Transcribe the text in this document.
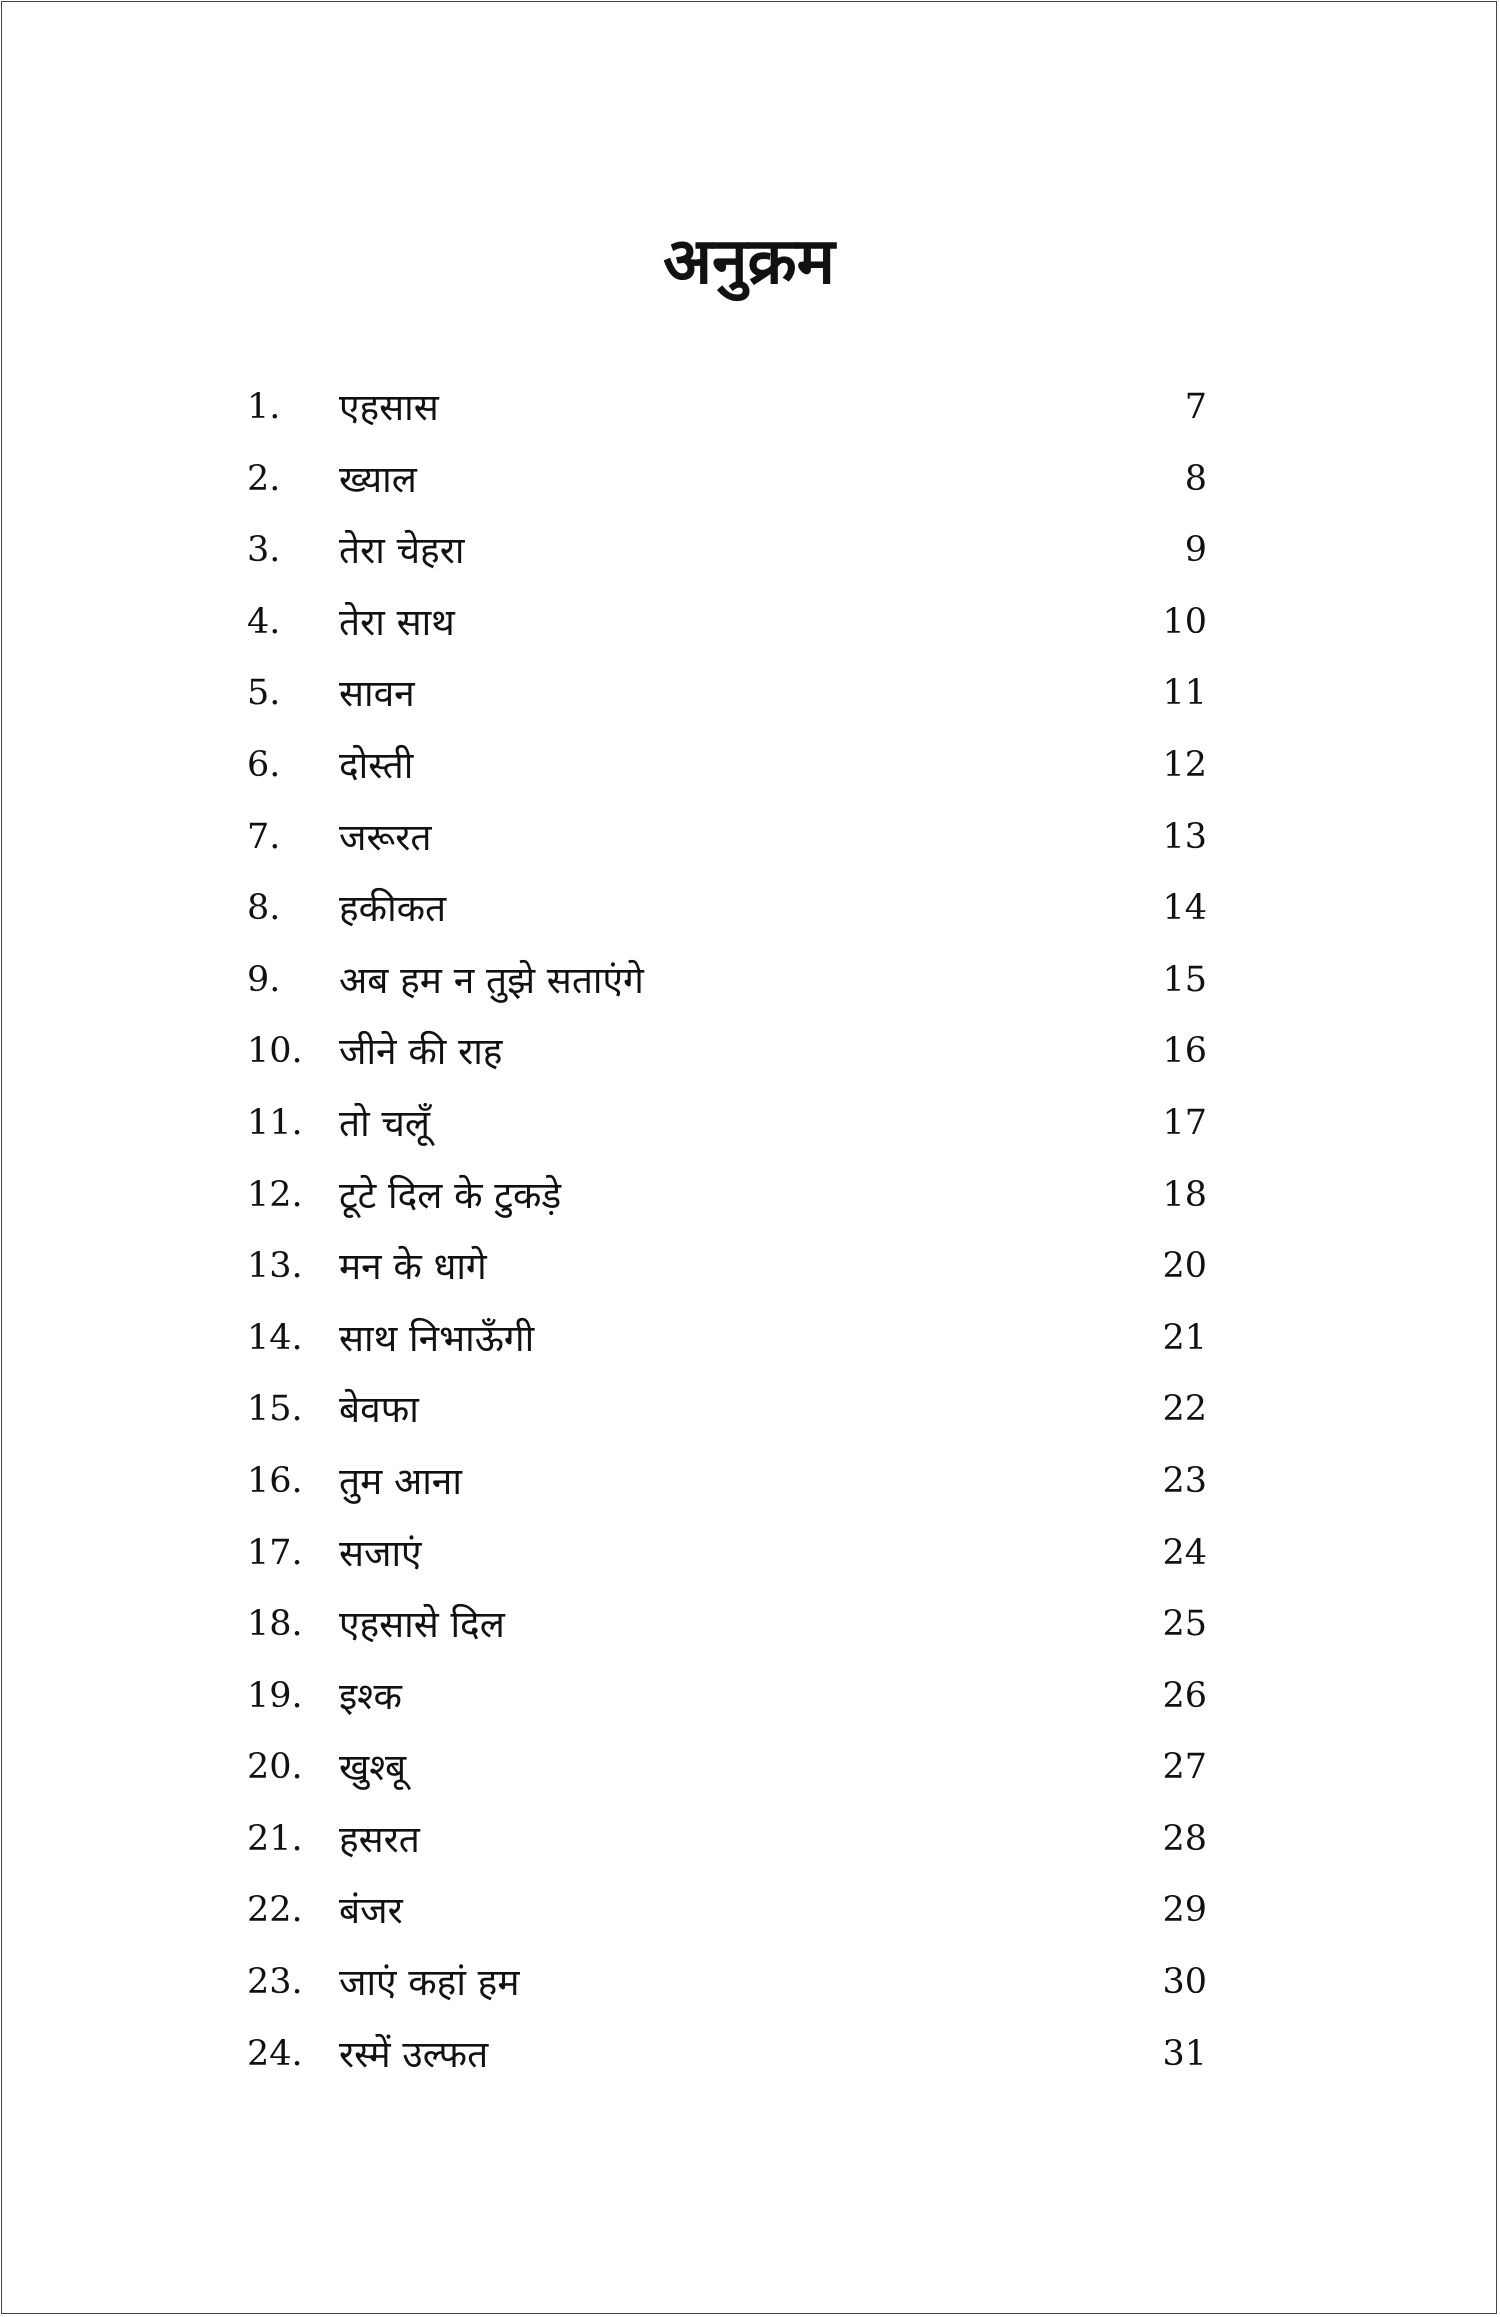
अनुक्रम
1. एहसास	7
2. ख्याल	8
3. तेरा चेहरा	9
4. तेरा साथ	10
5. सावन	11
6. दोस्ती	12
7. जरूरत	13
8. हकीकत	14
9. अब हम न तुझे सताएंगे	15
10. जीने की राह	16
11. तो चलूँ	17
12. टूटे दिल के टुकड़े	18
13. मन के धागे	20
14. साथ निभाऊँगी	21
15. बेवफा	22
16. तुम आना	23
17. सजाएं	24
18. एहसासे दिल	25
19. इश्क	26
20. खुश्बू	27
21. हसरत	28
22. बंजर	29
23. जाएं कहां हम	30
24. रस्में उल्फत	31
